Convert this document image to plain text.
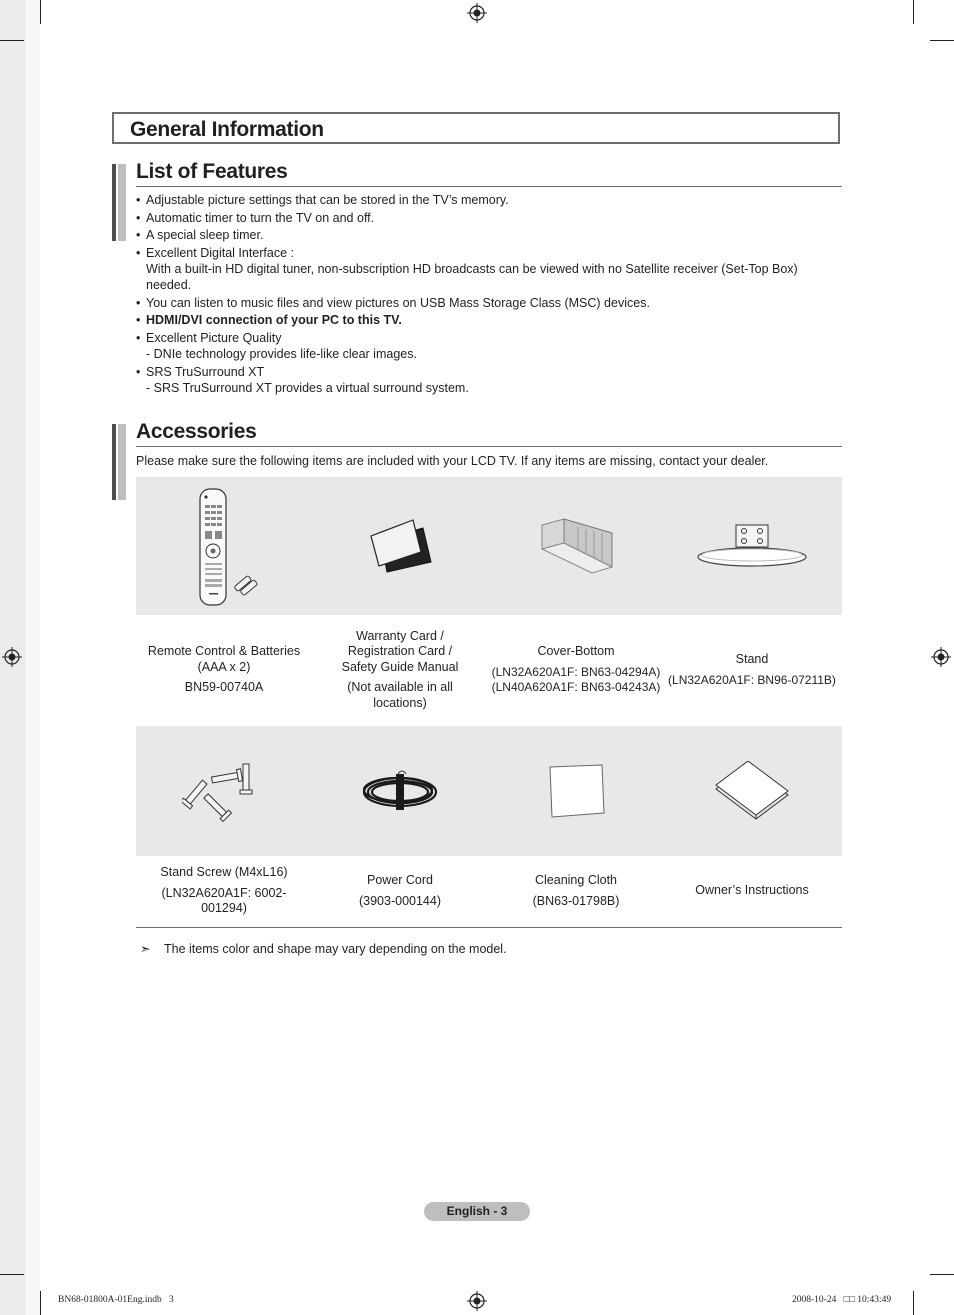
General Information
List of Features
• Adjustable picture settings that can be stored in the TV’s memory.
• Automatic timer to turn the TV on and off.
• A special sleep timer.
• Excellent Digital Interface :
With a built-in HD digital tuner, non-subscription HD broadcasts can be viewed with no Satellite receiver (Set-Top Box) needed.
• You can listen to music files and view pictures on USB Mass Storage Class (MSC) devices.
• HDMI/DVI connection of your PC to this TV.
• Excellent Picture Quality
- DNIe technology provides life-like clear images.
• SRS TruSurround XT
- SRS TruSurround XT provides a virtual surround system.
Accessories
Please make sure the following items are included with your LCD TV. If any items are missing, contact your dealer.

Remote Control & Batteries

(AAA x 2)

BN59-00740A

Warranty Card /

Registration Card /

Safety Guide Manual

(Not available in all

locations)

Cover-Bottom

(LN32A620A1F: BN63-04294A)

(LN40A620A1F: BN63-04243A)

Stand

(LN32A620A1F: BN96-07211B)

Stand Screw (M4xL16)

(LN32A620A1F: 6002-

001294)

Power Cord

(3903-000144)

Cleaning Cloth

(BN63-01798B)

Owner’s Instructions

➣ The items color and shape may vary depending on the model.
English - 3
BN68-01800A-01Eng.indb   3	2008-10-24   □□ 10:43:49
